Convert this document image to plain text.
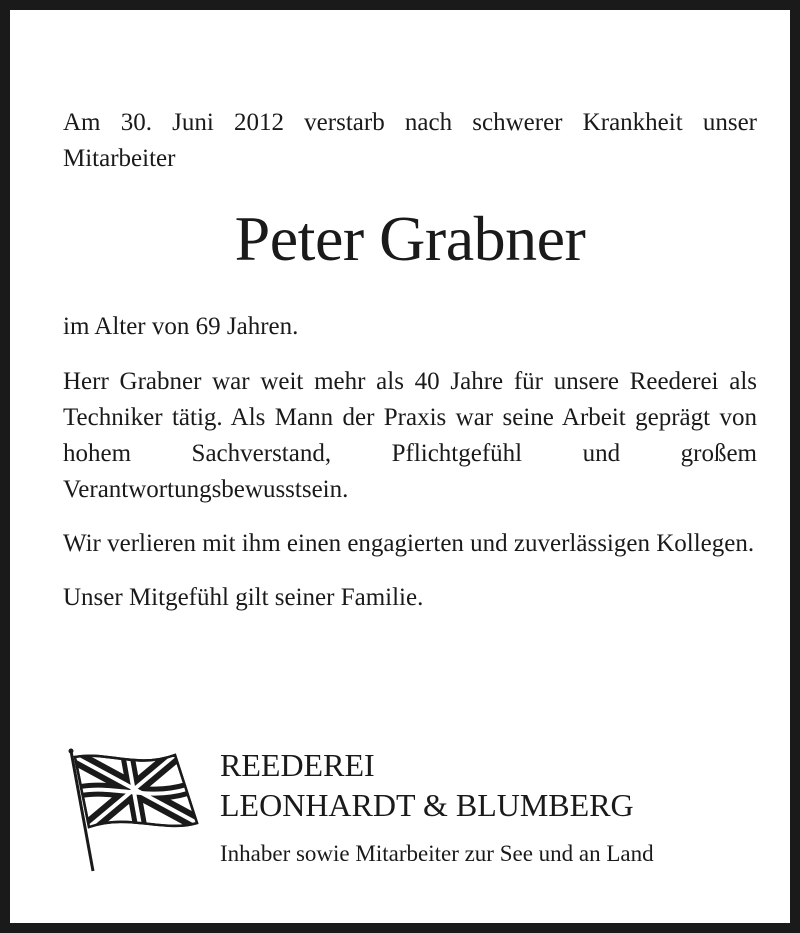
Am 30. Juni 2012 verstarb nach schwerer Krankheit unser Mitarbeiter

Peter Grabner

im Alter von 69 Jahren.

Herr Grabner war weit mehr als 40 Jahre für unsere Reederei als Techniker tätig. Als Mann der Praxis war seine Arbeit geprägt von hohem Sachverstand, Pflichtgefühl und großem Verantwortungsbewusstsein.

Wir verlieren mit ihm einen engagierten und zuverlässigen Kollegen.

Unser Mitgefühl gilt seiner Familie.

REEDEREI
LEONHARDT & BLUMBERG
Inhaber sowie Mitarbeiter zur See und an Land
